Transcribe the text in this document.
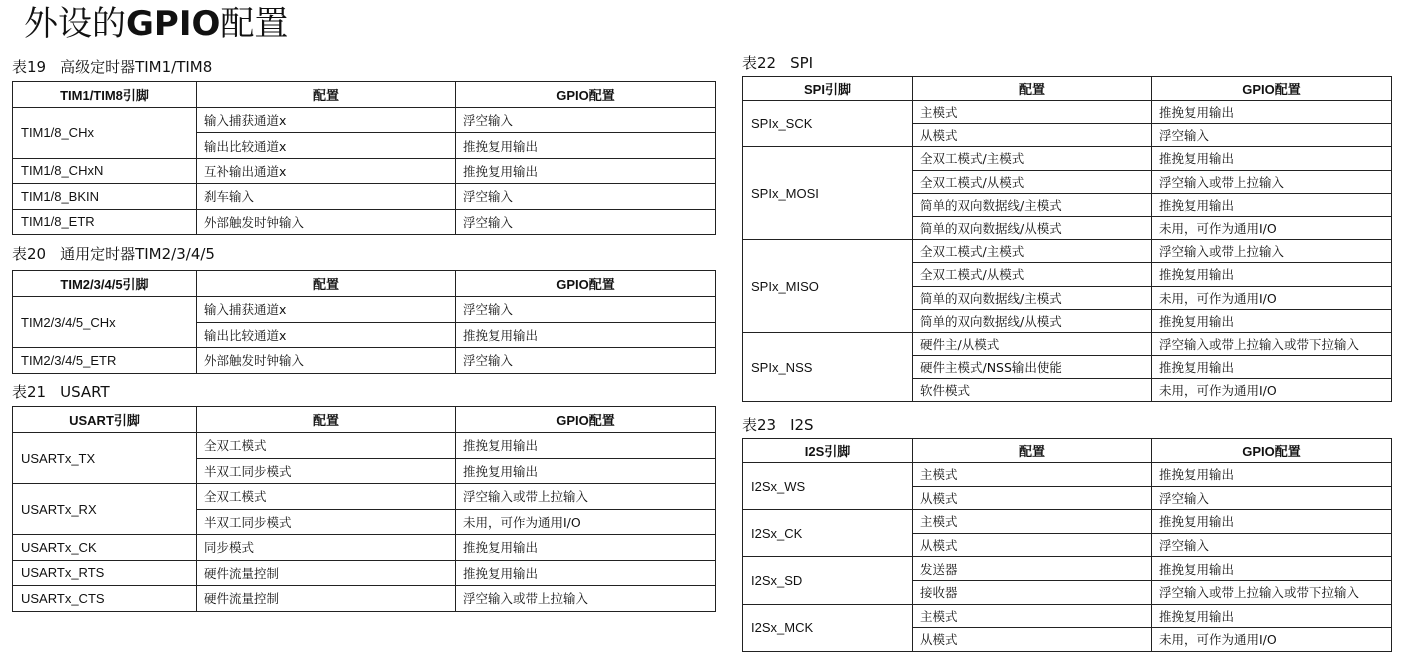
外设的GPIO配置
表19 高级定时器TIM1/TIM8
TIM1/TIM8引脚	配置	GPIO配置
TIM1/8_CHx	输入捕获通道x	浮空输入
	输出比较通道x	推挽复用输出
TIM1/8_CHxN	互补输出通道x	推挽复用输出
TIM1/8_BKIN	刹车输入	浮空输入
TIM1/8_ETR	外部触发时钟输入	浮空输入
表20 通用定时器TIM2/3/4/5
TIM2/3/4/5引脚	配置	GPIO配置
TIM2/3/4/5_CHx	输入捕获通道x	浮空输入
	输出比较通道x	推挽复用输出
TIM2/3/4/5_ETR	外部触发时钟输入	浮空输入
表21 USART
USART引脚	配置	GPIO配置
USARTx_TX	全双工模式	推挽复用输出
	半双工同步模式	推挽复用输出
USARTx_RX	全双工模式	浮空输入或带上拉输入
	半双工同步模式	未用，可作为通用I/O
USARTx_CK	同步模式	推挽复用输出
USARTx_RTS	硬件流量控制	推挽复用输出
USARTx_CTS	硬件流量控制	浮空输入或带上拉输入
表22 SPI
SPI引脚	配置	GPIO配置
SPIx_SCK	主模式	推挽复用输出
	从模式	浮空输入
SPIx_MOSI	全双工模式/主模式	推挽复用输出
	全双工模式/从模式	浮空输入或带上拉输入
	简单的双向数据线/主模式	推挽复用输出
	简单的双向数据线/从模式	未用，可作为通用I/O
SPIx_MISO	全双工模式/主模式	浮空输入或带上拉输入
	全双工模式/从模式	推挽复用输出
	简单的双向数据线/主模式	未用，可作为通用I/O
	简单的双向数据线/从模式	推挽复用输出
SPIx_NSS	硬件主/从模式	浮空输入或带上拉输入或带下拉输入
	硬件主模式/NSS输出使能	推挽复用输出
	软件模式	未用，可作为通用I/O
表23 I2S
I2S引脚	配置	GPIO配置
I2Sx_WS	主模式	推挽复用输出
	从模式	浮空输入
I2Sx_CK	主模式	推挽复用输出
	从模式	浮空输入
I2Sx_SD	发送器	推挽复用输出
	接收器	浮空输入或带上拉输入或带下拉输入
I2Sx_MCK	主模式	推挽复用输出
	从模式	未用，可作为通用I/O
